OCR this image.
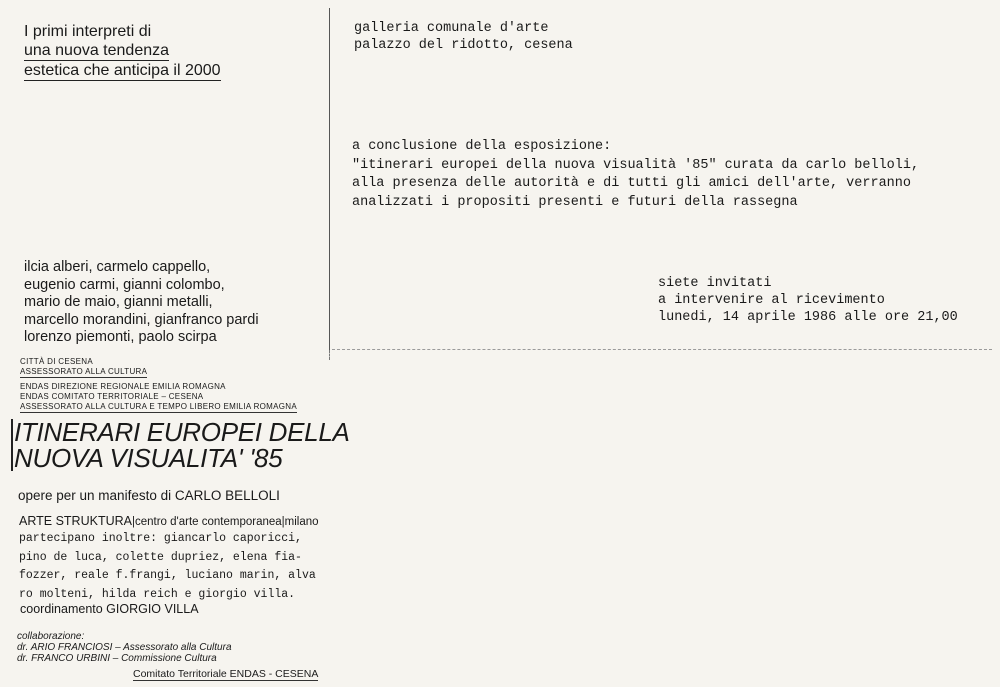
I primi interpreti di
una nuova tendenza
estetica che anticipa il 2000
ilcia alberi, carmelo cappello,
eugenio carmi, gianni colombo,
mario de maio, gianni metalli,
marcello morandini, gianfranco pardi
lorenzo piemonti, paolo scirpa
galleria comunale d'arte
palazzo del ridotto, cesena
a conclusione della esposizione:
"itinerari europei della nuova visualità '85" curata da carlo belloli,
alla presenza delle autorità e di tutti gli amici dell'arte, verranno
analizzati i propositi presenti e futuri della rassegna
siete invitati
a intervenire al ricevimento
lunedi, 14 aprile 1986 alle ore 21,00
CITTÀ DI CESENA
ASSESSORATO ALLA CULTURA
ENDAS DIREZIONE REGIONALE EMILIA ROMAGNA
ENDAS COMITATO TERRITORIALE – CESENA
ASSESSORATO ALLA CULTURA E TEMPO LIBERO EMILIA ROMAGNA
ITINERARI EUROPEI DELLA
NUOVA VISUALITA' '85
opere per un manifesto di CARLO BELLOLI
ARTE STRUKTURA|centro d'arte contemporanea|milano
partecipano inoltre: giancarlo caporicci,
pino de luca, colette dupriez, elena fia-
fozzer, reale f.frangi, luciano marin, alva
ro molteni, hilda reich e giorgio villa.
coordinamento GIORGIO VILLA
collaborazione:
dr. ARIO FRANCIOSI – Assessorato alla Cultura
dr. FRANCO URBINI – Commissione Cultura
Comitato Territoriale ENDAS - CESENA
